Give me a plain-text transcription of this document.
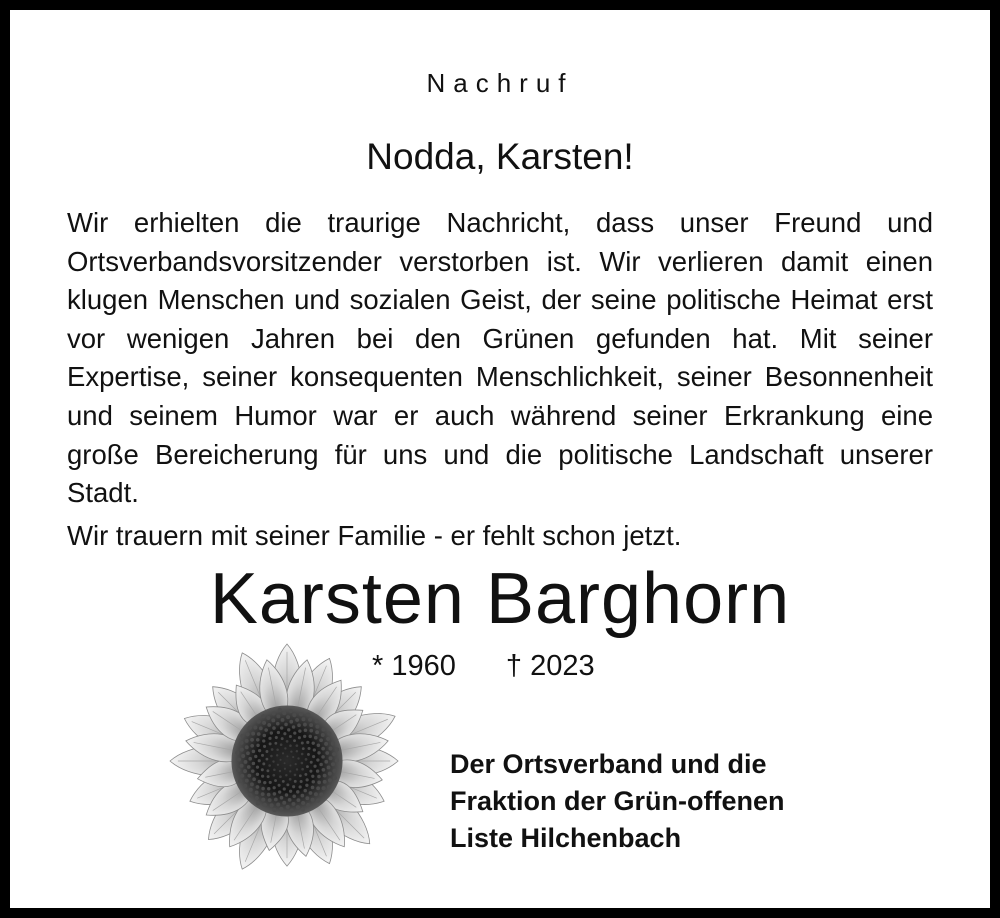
Nachruf
Nodda, Karsten!

Wir erhielten die traurige Nachricht, dass unser Freund und Ortsverbandsvorsitzender verstorben ist. Wir verlieren damit einen klugen Menschen und sozialen Geist, der seine politische Heimat erst vor wenigen Jahren bei den Grünen gefunden hat. Mit seiner Expertise, seiner konsequenten Menschlichkeit, seiner Besonnenheit und seinem Humor war er auch während seiner Erkrankung eine große Bereicherung für uns und die politische Landschaft unserer Stadt.

Wir trauern mit seiner Familie - er fehlt schon jetzt.

Karsten Barghorn
* 1960 † 2023
Der Ortsverband und die
Fraktion der Grün-offenen
Liste Hilchenbach
